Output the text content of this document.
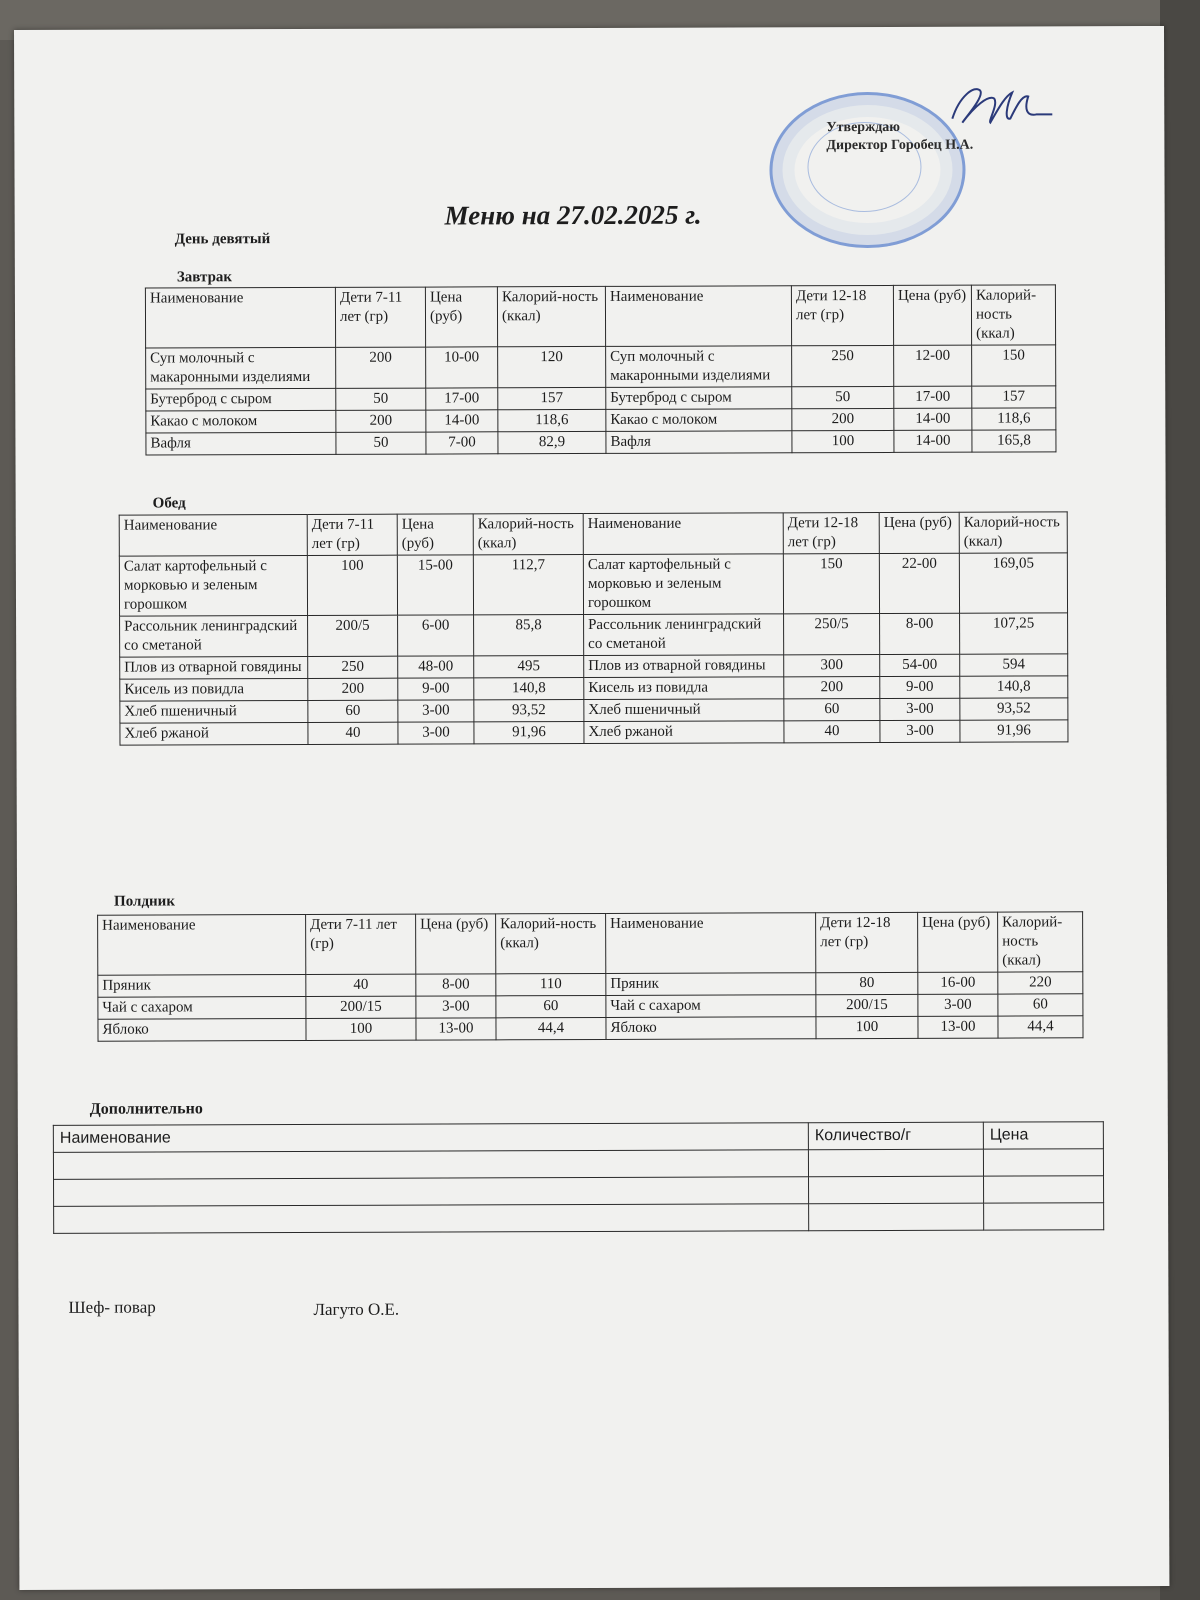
Утверждаю
Директор Горобец Н.А.
Меню на 27.02.2025 г.
День девятый
Завтрак
Наименование	Дети 7-11 лет (гр)	Цена (руб)	Калорий-ность (ккал)	Наименование	Дети 12-18 лет (гр)	Цена (руб)	Калорий-ность (ккал)
Суп молочный с макаронными изделиями	200	10-00	120	Суп молочный с макаронными изделиями	250	12-00	150
Бутерброд с сыром	50	17-00	157	Бутерброд с сыром	50	17-00	157
Какао с молоком	200	14-00	118,6	Какао с молоком	200	14-00	118,6
Вафля	50	7-00	82,9	Вафля	100	14-00	165,8
Обед
Наименование	Дети 7-11 лет (гр)	Цена (руб)	Калорий-ность (ккал)	Наименование	Дети 12-18 лет (гр)	Цена (руб)	Калорий-ность (ккал)
Салат картофельный с морковью и зеленым горошком	100	15-00	112,7	Салат картофельный с морковью и зеленым горошком	150	22-00	169,05
Рассольник ленинградский со сметаной	200/5	6-00	85,8	Рассольник ленинградский со сметаной	250/5	8-00	107,25
Плов из отварной говядины	250	48-00	495	Плов из отварной говядины	300	54-00	594
Кисель из повидла	200	9-00	140,8	Кисель из повидла	200	9-00	140,8
Хлеб пшеничный	60	3-00	93,52	Хлеб пшеничный	60	3-00	93,52
Хлеб ржаной	40	3-00	91,96	Хлеб ржаной	40	3-00	91,96
Полдник
Наименование	Дети 7-11 лет (гр)	Цена (руб)	Калорий-ность (ккал)	Наименование	Дети 12-18 лет (гр)	Цена (руб)	Калорий-ность (ккал)
Пряник	40	8-00	110	Пряник	80	16-00	220
Чай с сахаром	200/15	3-00	60	Чай с сахаром	200/15	3-00	60
Яблоко	100	13-00	44,4	Яблоко	100	13-00	44,4
Дополнительно
Наименование	Количество/г	Цена

Шеф- повар	Лагуто О.Е.
